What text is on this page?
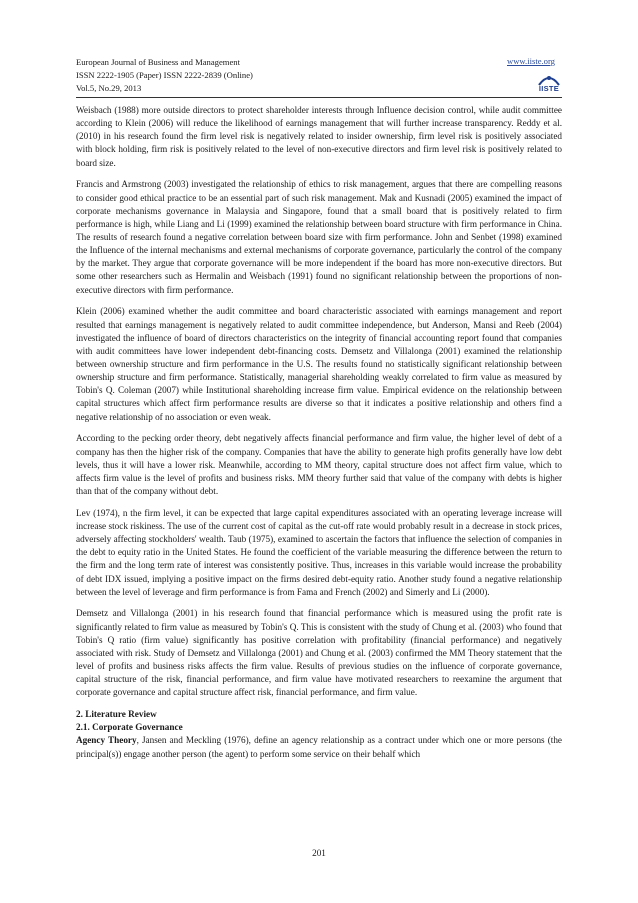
European Journal of Business and Management
ISSN 2222-1905 (Paper) ISSN 2222-2839 (Online)
Vol.5, No.29, 2013
www.iiste.org
IISTE

Weisbach (1988) more outside directors to protect shareholder interests through Influence decision control, while audit committee according to Klein (2006) will reduce the likelihood of earnings management that will further increase transparency. Reddy et al. (2010) in his research found the firm level risk is negatively related to insider ownership, firm level risk is positively associated with block holding, firm risk is positively related to the level of non-executive directors and firm level risk is positively related to board size.

Francis and Armstrong (2003) investigated the relationship of ethics to risk management, argues that there are compelling reasons to consider good ethical practice to be an essential part of such risk management. Mak and Kusnadi (2005) examined the impact of corporate mechanisms governance in Malaysia and Singapore, found that a small board that is positively related to firm performance is high, while Liang and Li (1999) examined the relationship between board structure with firm performance in China. The results of research found a negative correlation between board size with firm performance. John and Senbet (1998) examined the Influence of the internal mechanisms and external mechanisms of corporate governance, particularly the control of the company by the market. They argue that corporate governance will be more independent if the board has more non-executive directors. But some other researchers such as Hermalin and Weisbach (1991) found no significant relationship between the proportions of non-executive directors with firm performance.

Klein (2006) examined whether the audit committee and board characteristic associated with earnings management and report resulted that earnings management is negatively related to audit committee independence, but Anderson, Mansi and Reeb (2004) investigated the influence of board of directors characteristics on the integrity of financial accounting report found that companies with audit committees have lower independent debt-financing costs. Demsetz and Villalonga (2001) examined the relationship between ownership structure and firm performance in the U.S. The results found no statistically significant relationship between ownership structure and firm performance. Statistically, managerial shareholding weakly correlated to firm value as measured by Tobin's Q. Coleman (2007) while Institutional shareholding increase firm value. Empirical evidence on the relationship between capital structures which affect firm performance results are diverse so that it indicates a positive relationship and others find a negative relationship of no association or even weak.

According to the pecking order theory, debt negatively affects financial performance and firm value, the higher level of debt of a company has then the higher risk of the company. Companies that have the ability to generate high profits generally have low debt levels, thus it will have a lower risk. Meanwhile, according to MM theory, capital structure does not affect firm value, which to affects firm value is the level of profits and business risks. MM theory further said that value of the company with debts is higher than that of the company without debt.

Lev (1974), n the firm level, it can be expected that large capital expenditures associated with an operating leverage increase will increase stock riskiness. The use of the current cost of capital as the cut-off rate would probably result in a decrease in stock prices, adversely affecting stockholders' wealth. Taub (1975), examined to ascertain the factors that influence the selection of companies in the debt to equity ratio in the United States. He found the coefficient of the variable measuring the difference between the return to the firm and the long term rate of interest was consistently positive. Thus, increases in this variable would increase the probability of debt IDX issued, implying a positive impact on the firms desired debt-equity ratio. Another study found a negative relationship between the level of leverage and firm performance is from Fama and French (2002) and Simerly and Li (2000).

Demsetz and Villalonga (2001) in his research found that financial performance which is measured using the profit rate is significantly related to firm value as measured by Tobin's Q. This is consistent with the study of Chung et al. (2003) who found that Tobin's Q ratio (firm value) significantly has positive correlation with profitability (financial performance) and negatively associated with risk. Study of Demsetz and Villalonga (2001) and Chung et al. (2003) confirmed the MM Theory statement that the level of profits and business risks affects the firm value. Results of previous studies on the influence of corporate governance, capital structure of the risk, financial performance, and firm value have motivated researchers to reexamine the argument that corporate governance and capital structure affect risk, financial performance, and firm value.

2. Literature Review
2.1. Corporate Governance

Agency Theory, Jansen and Meckling (1976), define an agency relationship as a contract under which one or more persons (the principal(s)) engage another person (the agent) to perform some service on their behalf which

201
